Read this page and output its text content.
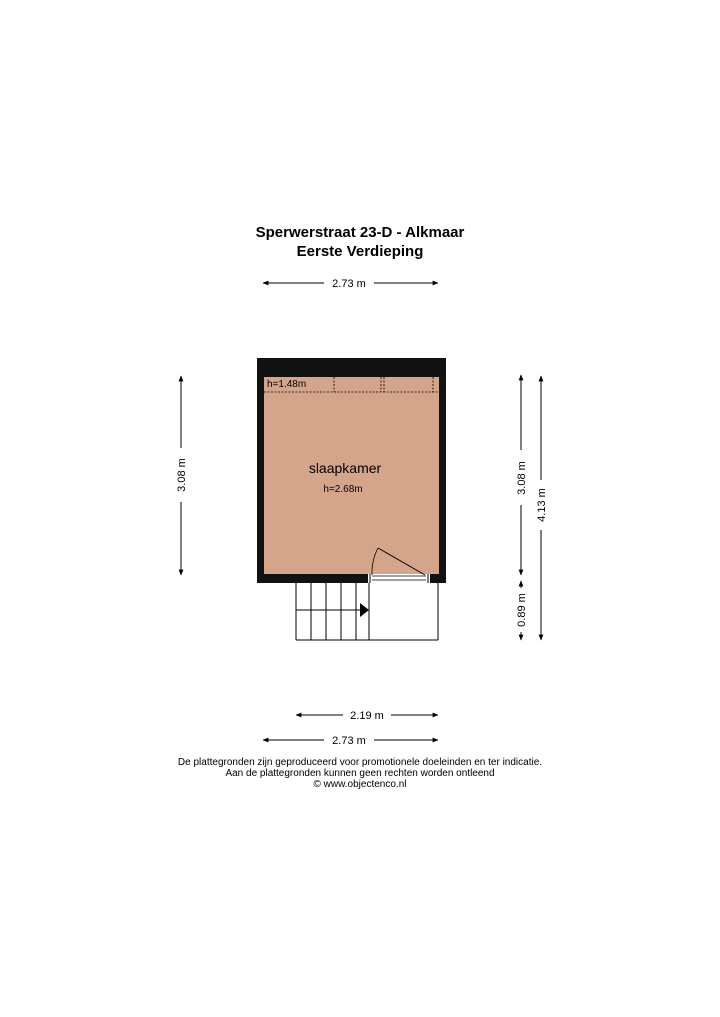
Sperwerstraat 23-D - Alkmaar
Eerste Verdieping
h=1.48m
slaapkamer
h=2.68m
2.73 m
3.08 m	3.08 m
0.89 m
4.13 m
2.19 m
2.73 m
De plattegronden zijn geproduceerd voor promotionele doeleinden en ter indicatie.
Aan de plattegronden kunnen geen rechten worden ontleend
© www.objectenco.nl
